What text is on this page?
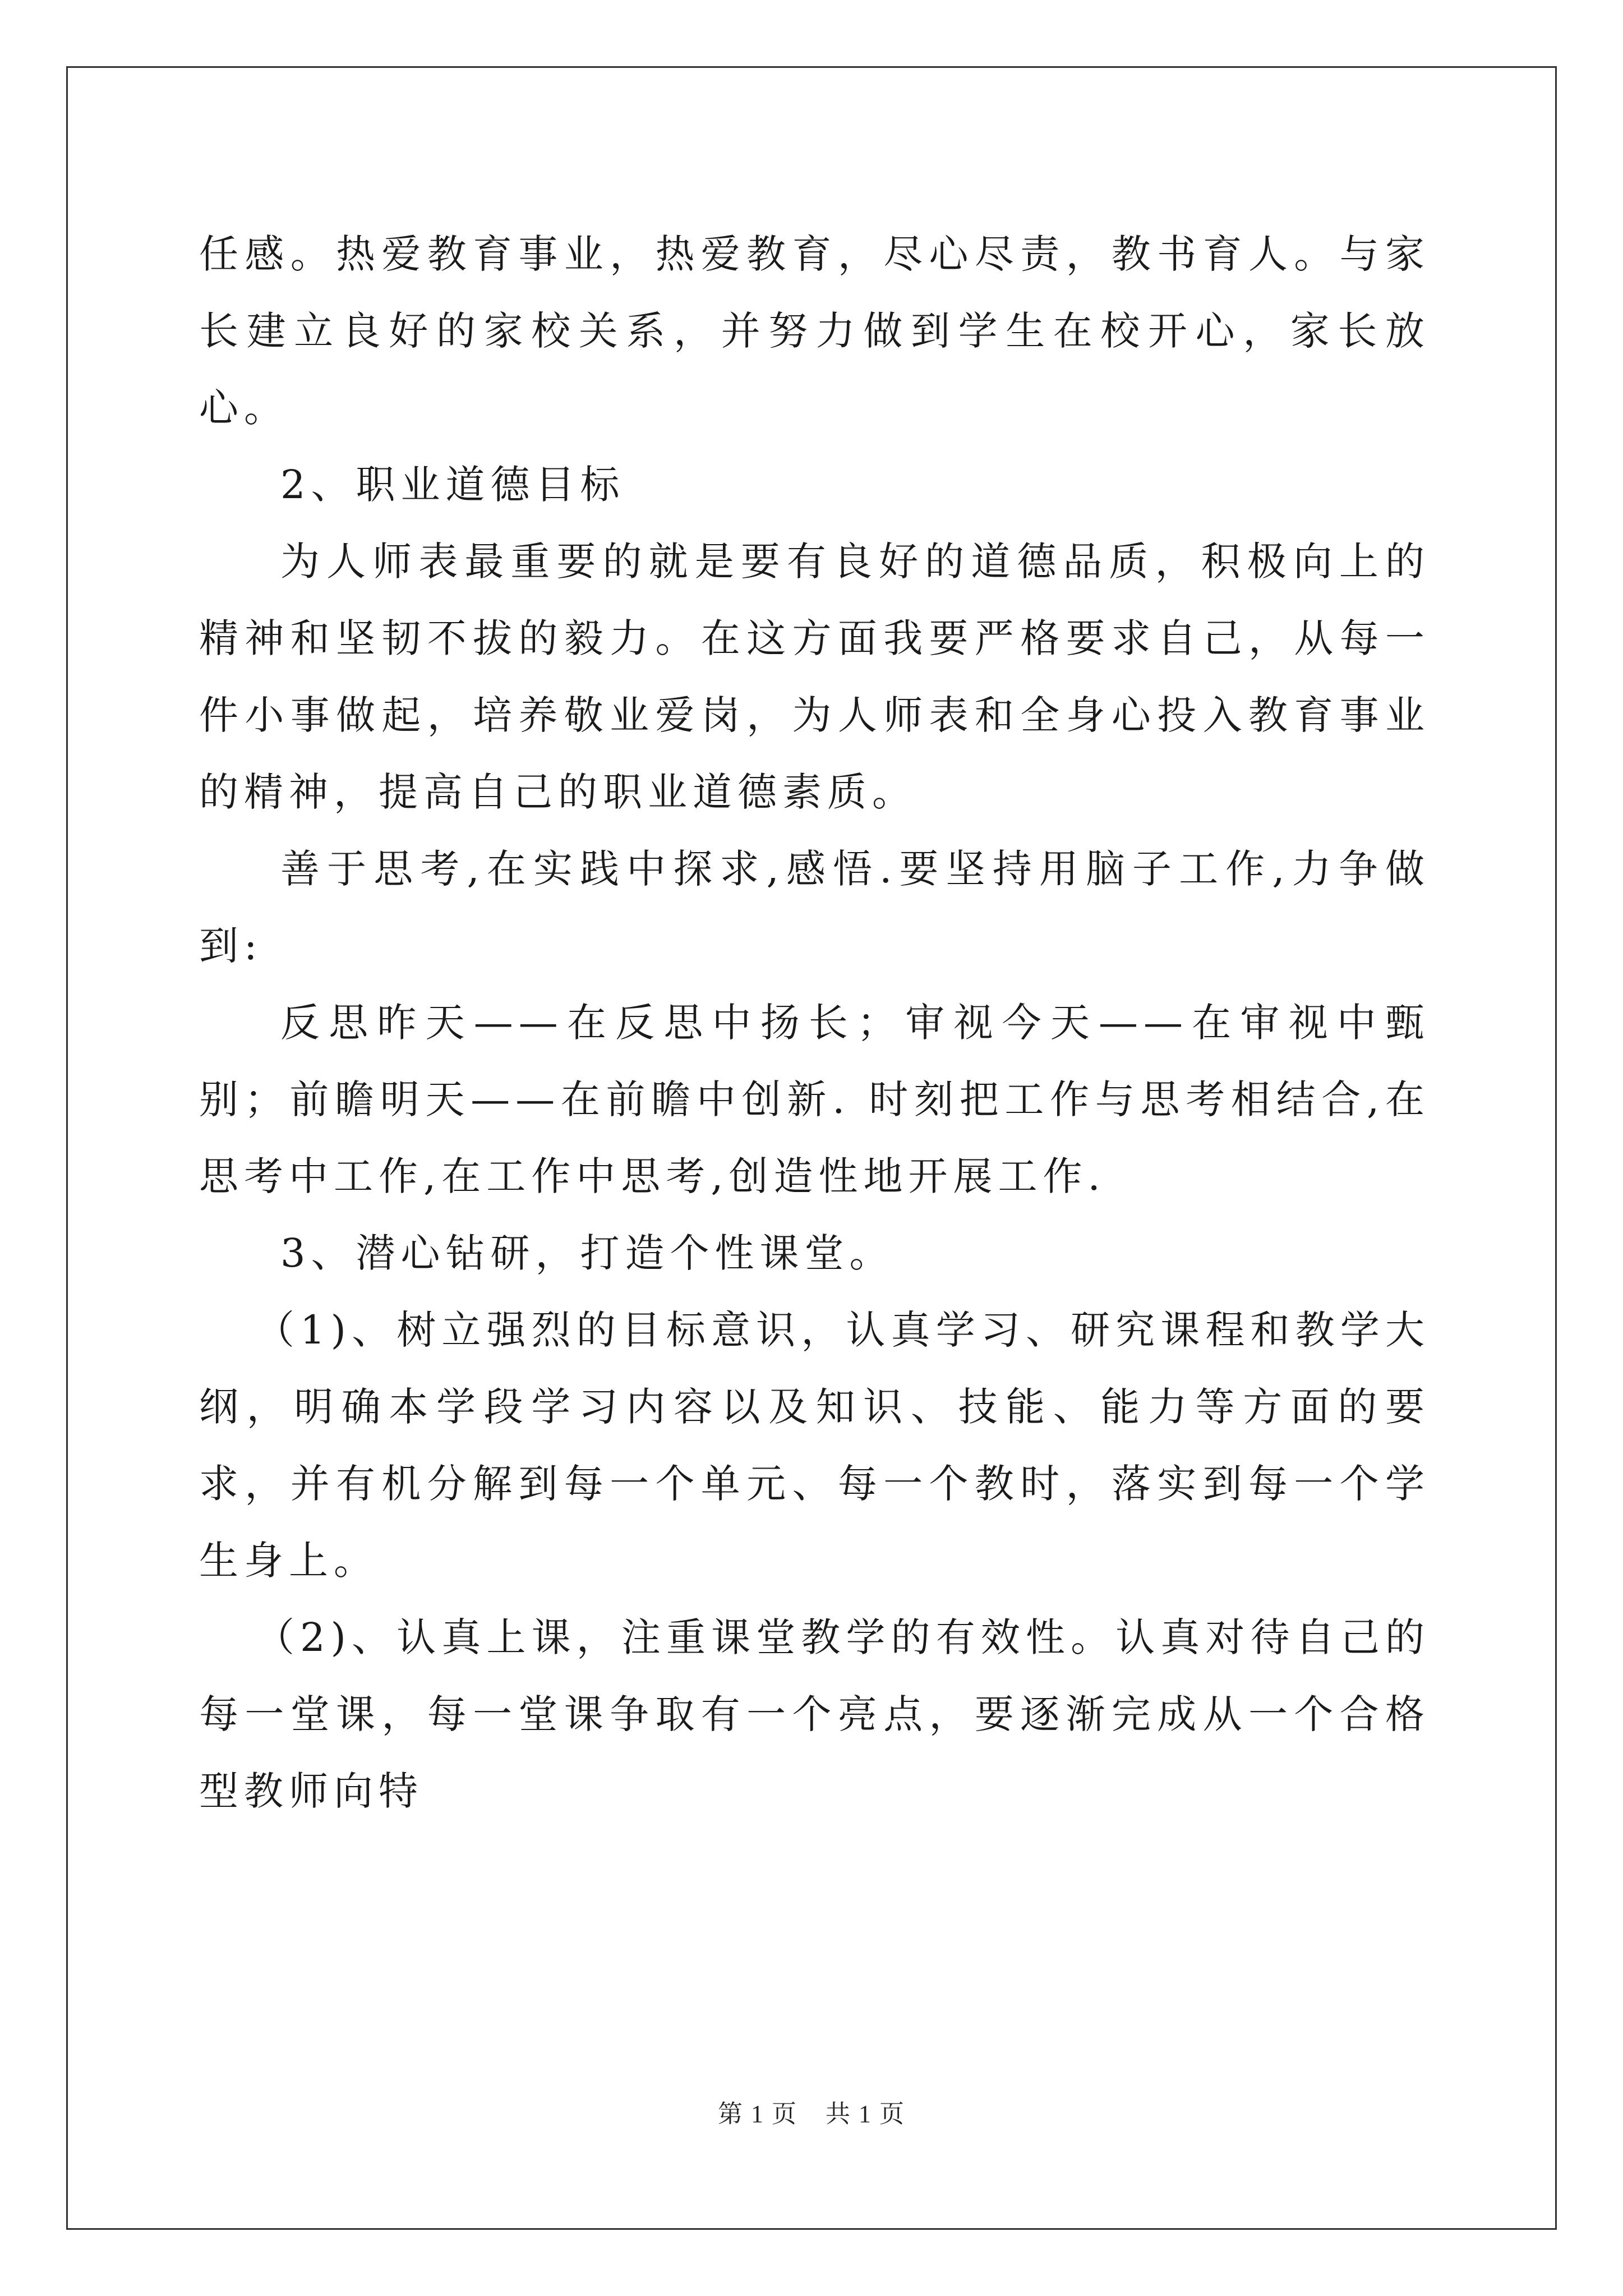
任感。热爱教育事业，热爱教育，尽心尽责，教书育人。与家长建立良好的家校关系，并努力做到学生在校开心，家长放心。

2、职业道德目标

为人师表最重要的就是要有良好的道德品质，积极向上的精神和坚韧不拔的毅力。在这方面我要严格要求自己，从每一件小事做起，培养敬业爱岗，为人师表和全身心投入教育事业的精神，提高自己的职业道德素质。

善于思考,在实践中探求,感悟.要坚持用脑子工作,力争做到:

反思昨天——在反思中扬长；审视今天——在审视中甄别；前瞻明天——在前瞻中创新. 时刻把工作与思考相结合,在思考中工作,在工作中思考,创造性地开展工作.

3、潜心钻研，打造个性课堂。

（1)、树立强烈的目标意识，认真学习、研究课程和教学大纲，明确本学段学习内容以及知识、技能、能力等方面的要求，并有机分解到每一个单元、每一个教时，落实到每一个学生身上。

（2)、认真上课，注重课堂教学的有效性。认真对待自己的每一堂课，每一堂课争取有一个亮点，要逐渐完成从一个合格型教师向特

第 1 页 共 1 页
